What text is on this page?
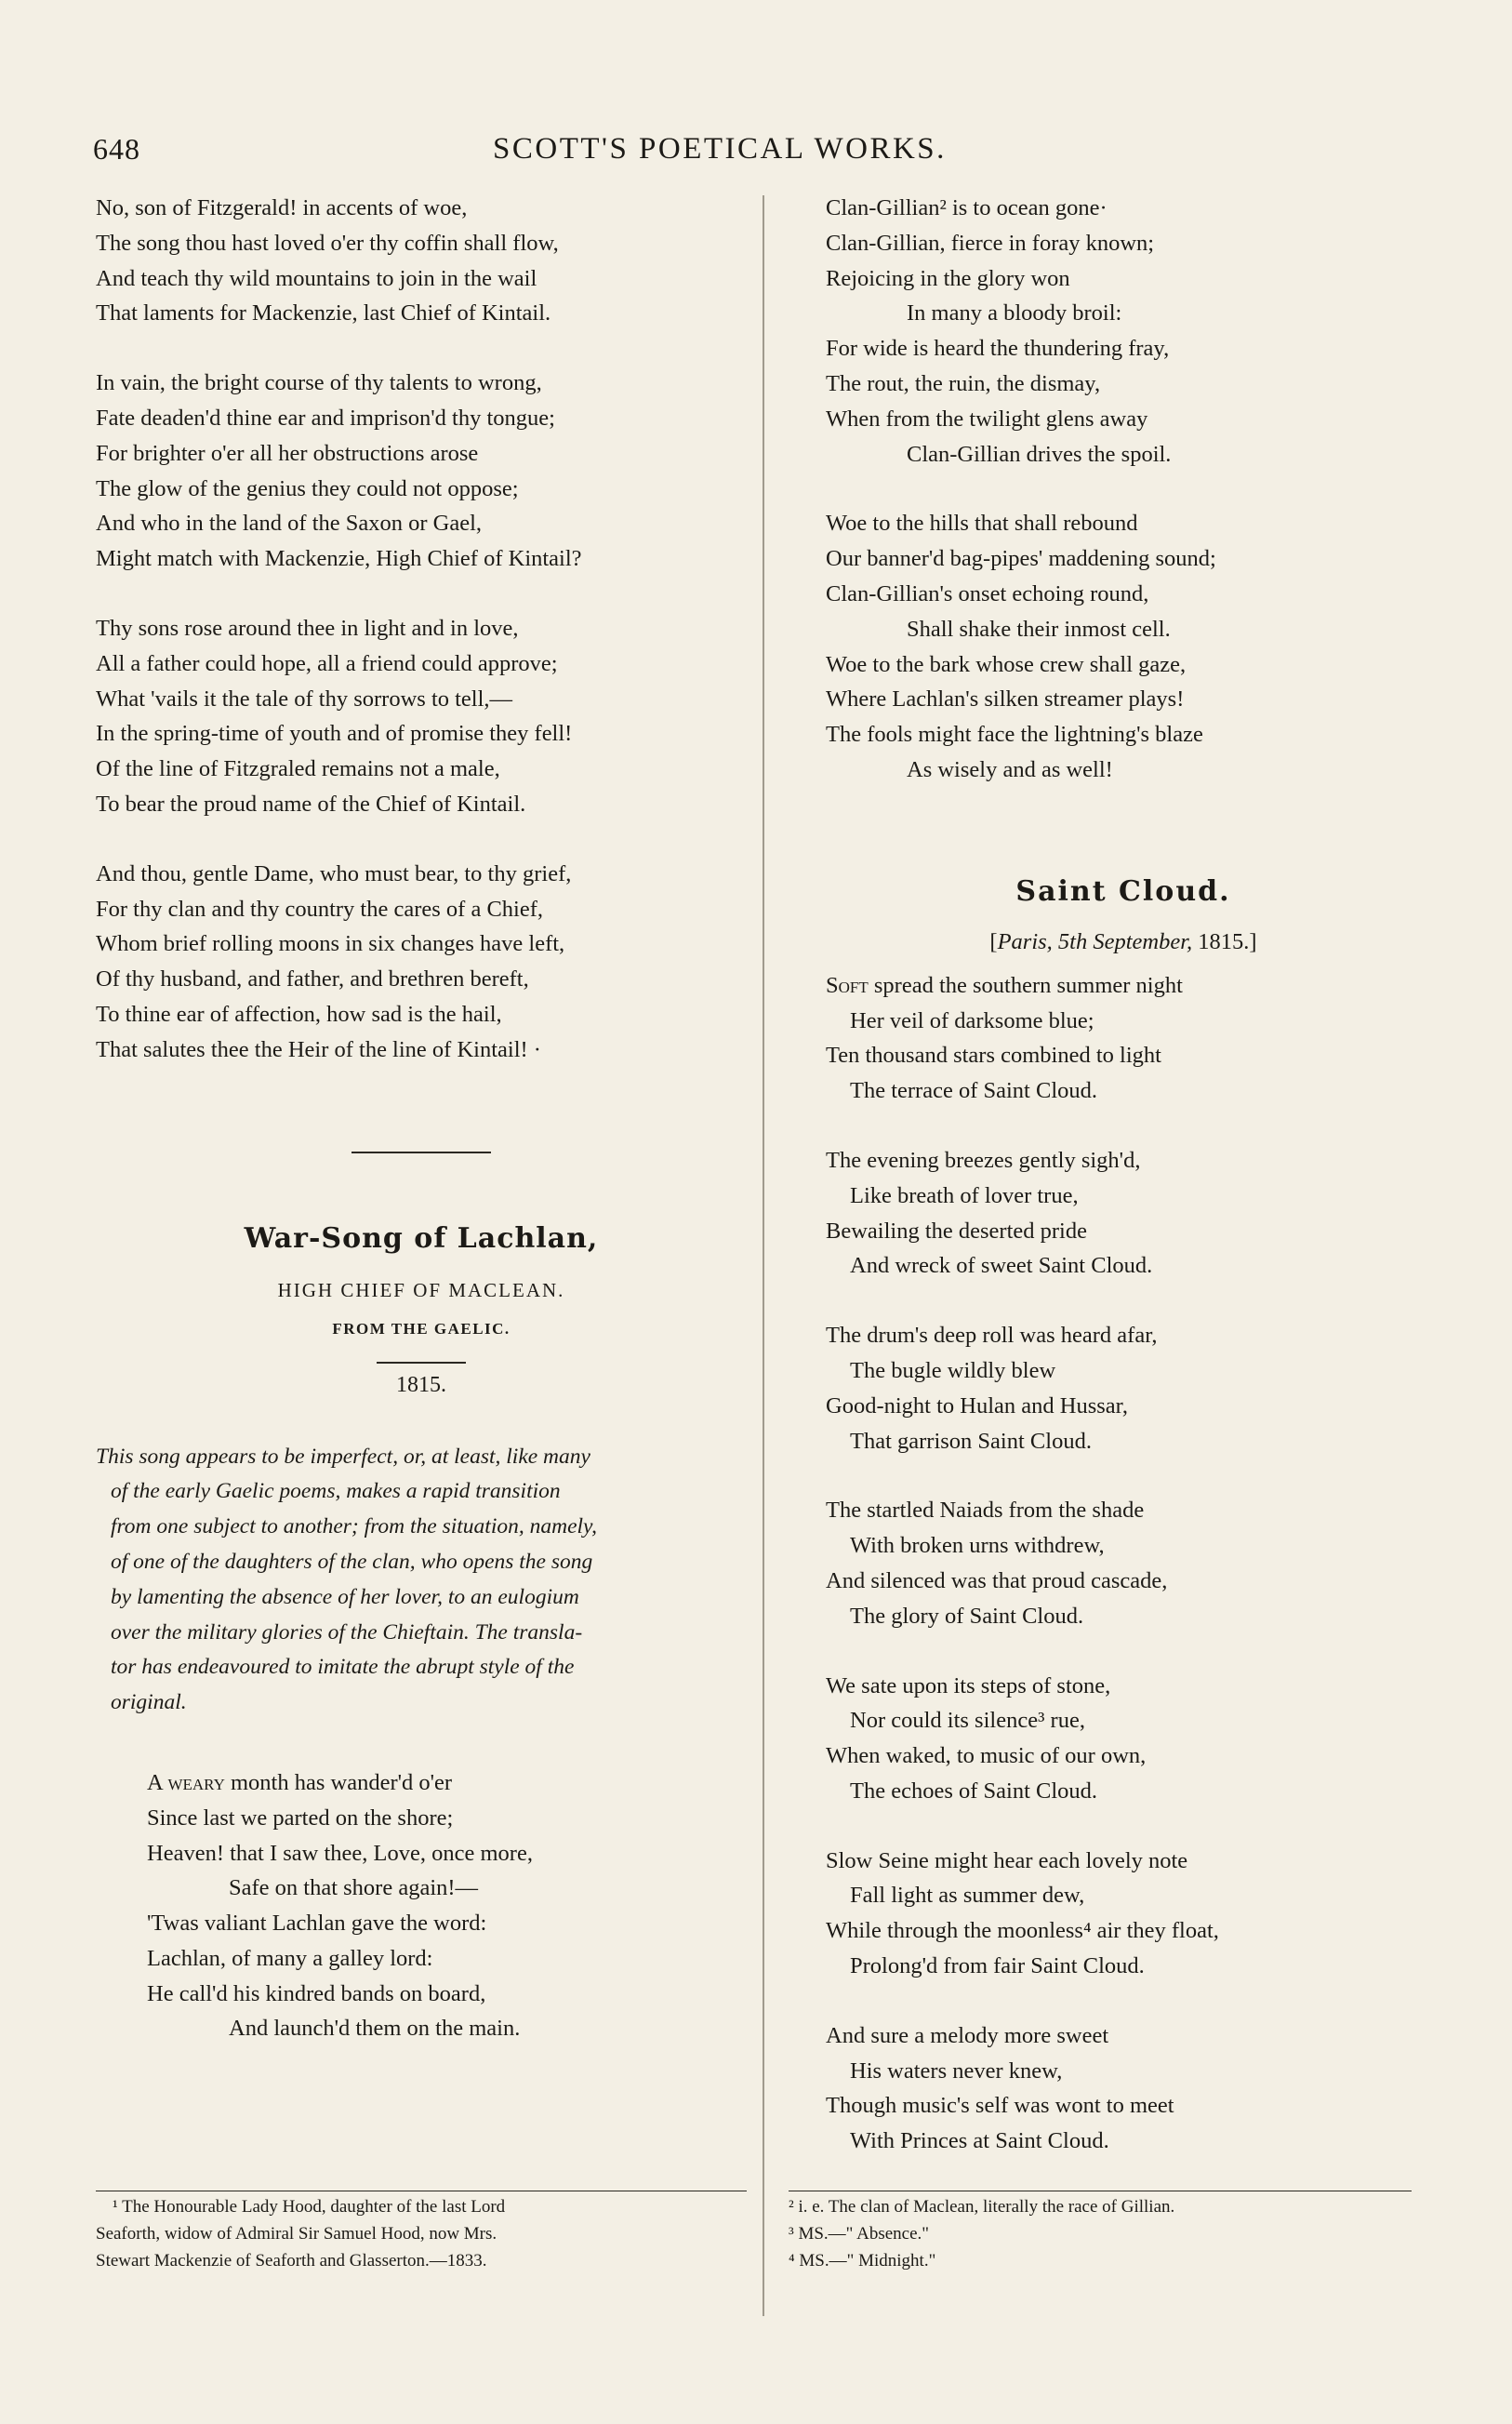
648	SCOTT'S POETICAL WORKS.
No, son of Fitzgerald! in accents of woe,
The song thou hast loved o'er thy coffin shall flow,
And teach thy wild mountains to join in the wail
That laments for Mackenzie, last Chief of Kintail.
In vain, the bright course of thy talents to wrong,
Fate deaden'd thine ear and imprison'd thy tongue;
For brighter o'er all her obstructions arose
The glow of the genius they could not oppose;
And who in the land of the Saxon or Gael,
Might match with Mackenzie, High Chief of Kintail?
Thy sons rose around thee in light and in love,
All a father could hope, all a friend could approve;
What 'vails it the tale of thy sorrows to tell,—
In the spring-time of youth and of promise they fell!
Of the line of Fitzgraled remains not a male,
To bear the proud name of the Chief of Kintail.
And thou, gentle Dame, who must bear, to thy grief,
For thy clan and thy country the cares of a Chief,
Whom brief rolling moons in six changes have left,
Of thy husband, and father, and brethren bereft,
To thine ear of affection, how sad is the hail,
That salutes thee the Heir of the line of Kintail! ·
War-Song of Lachlan,
HIGH CHIEF OF MACLEAN.
FROM THE GAELIC.
1815.
This song appears to be imperfect, or, at least, like many
of the early Gaelic poems, makes a rapid transition
from one subject to another; from the situation, namely,
of one of the daughters of the clan, who opens the song
by lamenting the absence of her lover, to an eulogium
over the military glories of the Chieftain. The transla-
tor has endeavoured to imitate the abrupt style of the
original.
A weary month has wander'd o'er
Since last we parted on the shore;
Heaven! that I saw thee, Love, once more,
Safe on that shore again!—
'Twas valiant Lachlan gave the word:
Lachlan, of many a galley lord:
He call'd his kindred bands on board,
And launch'd them on the main.
Clan-Gillian² is to ocean gone·
Clan-Gillian, fierce in foray known;
Rejoicing in the glory won
In many a bloody broil:
For wide is heard the thundering fray,
The rout, the ruin, the dismay,
When from the twilight glens away
Clan-Gillian drives the spoil.
Woe to the hills that shall rebound
Our banner'd bag-pipes' maddening sound;
Clan-Gillian's onset echoing round,
Shall shake their inmost cell.
Woe to the bark whose crew shall gaze,
Where Lachlan's silken streamer plays!
The fools might face the lightning's blaze
As wisely and as well!
Saint Cloud.
[Paris, 5th September, 1815.]
Soft spread the southern summer night
Her veil of darksome blue;
Ten thousand stars combined to light
The terrace of Saint Cloud.
The evening breezes gently sigh'd,
Like breath of lover true,
Bewailing the deserted pride
And wreck of sweet Saint Cloud.
The drum's deep roll was heard afar,
The bugle wildly blew
Good-night to Hulan and Hussar,
That garrison Saint Cloud.
The startled Naiads from the shade
With broken urns withdrew,
And silenced was that proud cascade,
The glory of Saint Cloud.
We sate upon its steps of stone,
Nor could its silence³ rue,
When waked, to music of our own,
The echoes of Saint Cloud.
Slow Seine might hear each lovely note
Fall light as summer dew,
While through the moonless⁴ air they float,
Prolong'd from fair Saint Cloud.
And sure a melody more sweet
His waters never knew,
Though music's self was wont to meet
With Princes at Saint Cloud.
¹ The Honourable Lady Hood, daughter of the last Lord
Seaforth, widow of Admiral Sir Samuel Hood, now Mrs.
Stewart Mackenzie of Seaforth and Glasserton.—1833.
² i. e. The clan of Maclean, literally the race of Gillian.
³ MS.—" Absence."
⁴ MS.—" Midnight."
